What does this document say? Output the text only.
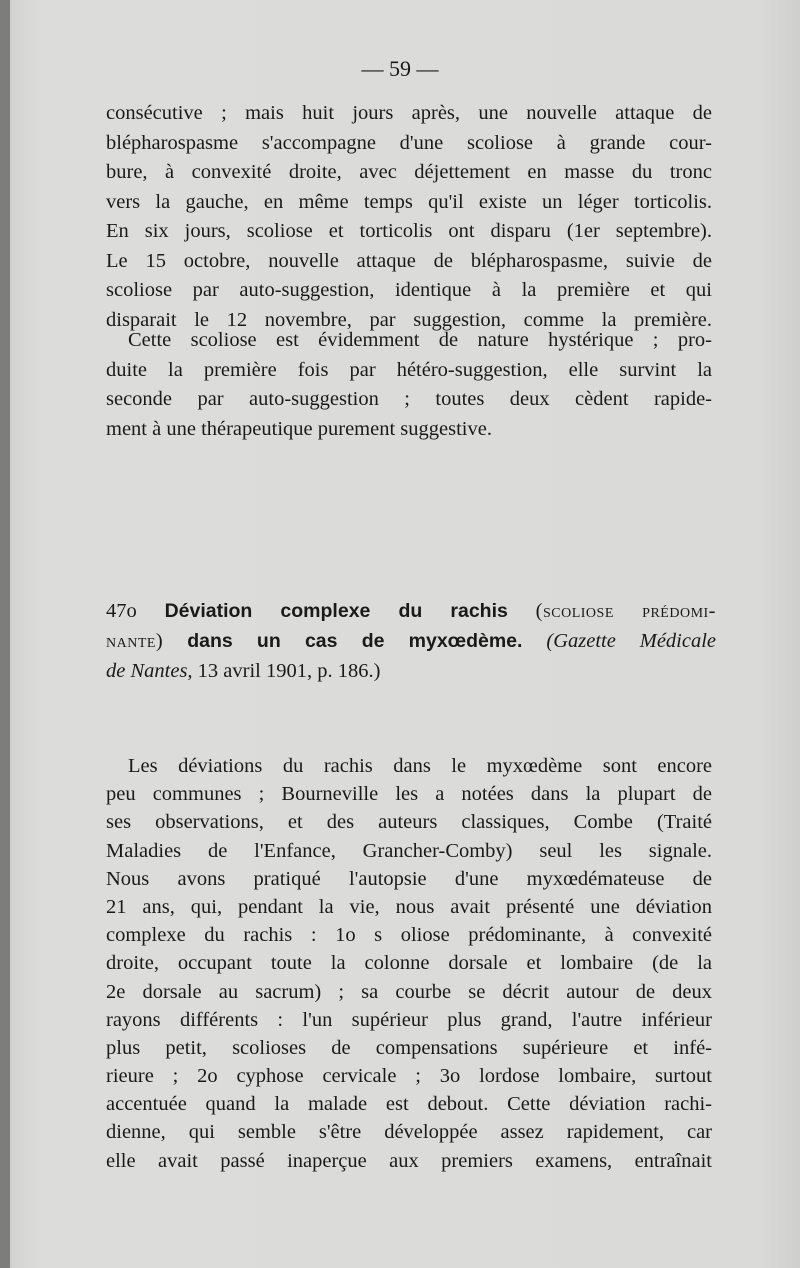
— 59 —
consécutive ; mais huit jours après, une nouvelle attaque de
blépharospasme s'accompagne d'une scoliose à grande cour-
bure, à convexité droite, avec déjettement en masse du tronc
vers la gauche, en même temps qu'il existe un léger torticolis.
En six jours, scoliose et torticolis ont disparu (1er septembre).
Le 15 octobre, nouvelle attaque de blépharospasme, suivie de
scoliose par auto-suggestion, identique à la première et qui
disparait le 12 novembre, par suggestion, comme la première.
Cette scoliose est évidemment de nature hystérique ; pro-
duite la première fois par hétéro-suggestion, elle survint la
seconde par auto-suggestion ; toutes deux cèdent rapide-
ment à une thérapeutique purement suggestive.
47o Déviation complexe du rachis (scoliose prédomi-
nante) dans un cas de myxœdème. (Gazette Médicale
de Nantes, 13 avril 1901, p. 186.)
Les déviations du rachis dans le myxœdème sont encore
peu communes ; Bourneville les a notées dans la plupart de
ses observations, et des auteurs classiques, Combe (Traité
Maladies de l'Enfance, Grancher-Comby) seul les signale.
Nous avons pratiqué l'autopsie d'une myxœdémateuse de
21 ans, qui, pendant la vie, nous avait présenté une déviation
complexe du rachis : 1o s oliose prédominante, à convexité
droite, occupant toute la colonne dorsale et lombaire (de la
2e dorsale au sacrum) ; sa courbe se décrit autour de deux
rayons différents : l'un supérieur plus grand, l'autre inférieur
plus petit, scolioses de compensations supérieure et infé-
rieure ; 2o cyphose cervicale ; 3o lordose lombaire, surtout
accentuée quand la malade est debout. Cette déviation rachi-
dienne, qui semble s'être développée assez rapidement, car
elle avait passé inaperçue aux premiers examens, entraînait
